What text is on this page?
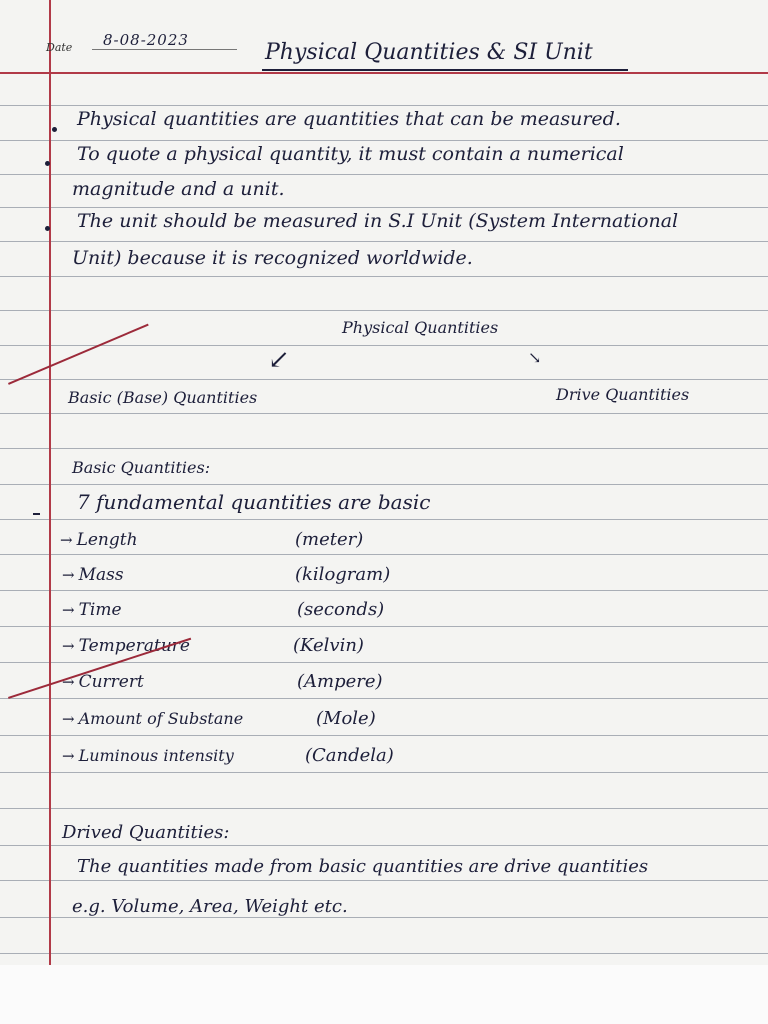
Date 8-08-2023	Physical Quantities & SI Unit
Physical quantities are quantities that can be measured.
To quote a physical quantity, it must contain a numerical
magnitude and a unit.
The unit should be measured in S.I Unit (System International
Unit) because it is recognized worldwide.
Physical Quantities
↙	↘
Basic (Base) Quantities	Drive Quantities
Basic Quantities:
7 fundamental quantities are basic
→ Length	(meter)
→ Mass	(kilogram)
→ Time	(seconds)
→ Temperature	(Kelvin)
→ Currert	(Ampere)
→ Amount of Substane	(Mole)
→ Luminous intensity	(Candela)
Drived Quantities:
The quantities made from basic quantities are drive quantities
e.g. Volume, Area, Weight etc.
